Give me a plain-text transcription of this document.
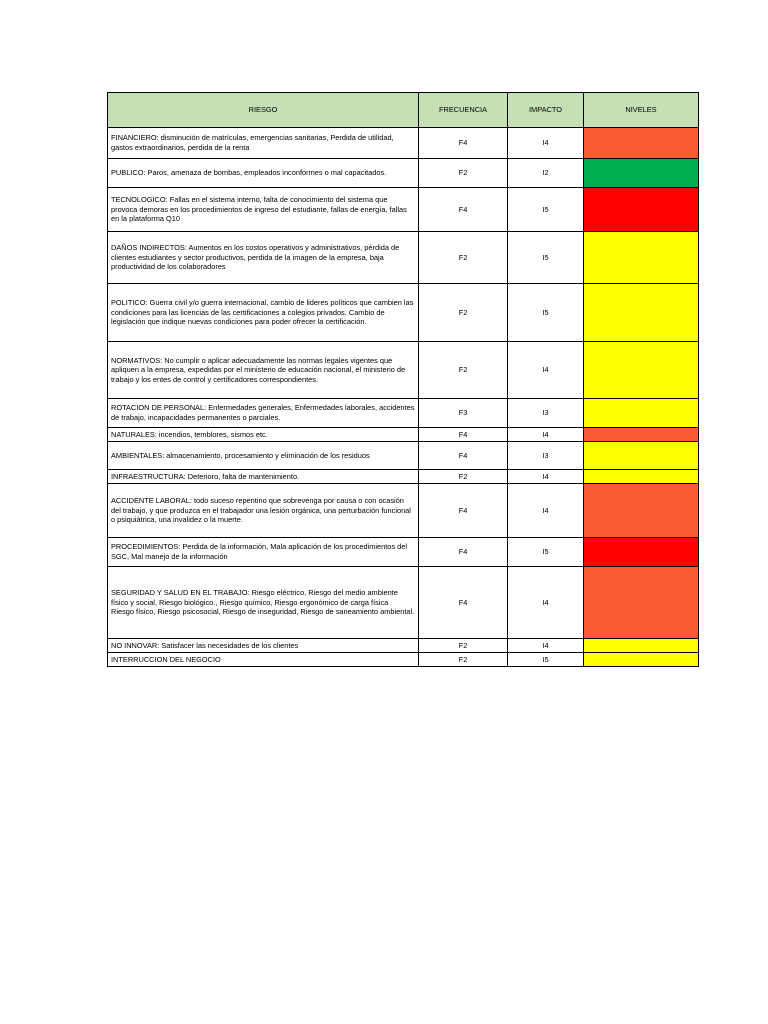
RIESGO	FRECUENCIA	IMPACTO	NIVELES
FINANCIERO: disminución de matrículas, emergencias sanitarias, Perdida de utilidad, gastos extraordinarios, perdida de la renta	F4	I4	
PUBLICO: Paros, amenaza de bombas, empleados inconformes o mal capacitados.	F2	I2	
TECNOLOGICO: Fallas en el sistema interno, falta de conocimiento del sistema que provoca demoras en los procedimientos de ingreso del estudiante, fallas de energía, fallas en la plataforma Q10	F4	I5	
DAÑOS INDIRECTOS: Aumentos en los costos operativos y administrativos, pérdida de clientes estudiantes y sector productivos, perdida de la imagen de la empresa, baja productividad de los colaboradores	F2	I5	
POLITICO: Guerra civil y/o guerra internacional, cambio de lideres políticos que cambien las condiciones para las licencias de las certificaciones a colegios privados. Cambio de legislación que indique nuevas condiciones para poder ofrecer la certificación.	F2	I5	
NORMATIVOS: No cumplir o aplicar adecuadamente las normas legales vigentes que apliquen a la empresa, expedidas por el ministerio de educación nacional, el ministerio de trabajo y los entes de control y certificadores correspondientes.	F2	I4	
ROTACION DE PERSONAL: Enfermedades generales, Enfermedades laborales, accidentes de trabajo, incapacidades permanentes o parciales.	F3	I3	
NATURALES: incendios, temblores, sismos etc.	F4	I4	
AMBIENTALES: almacenamiento, procesamiento y eliminación de los residuos	F4	I3	
INFRAESTRUCTURA: Deterioro, falta de mantenimiento.	F2	I4	
ACCIDENTE LABORAL: todo suceso repentino que sobrevenga por causa o con ocasión del trabajo, y que produzca en el trabajador una lesión orgánica, una perturbación funcional o psiquiátrica, una invalidez o la muerte.	F4	I4	
PROCEDIMIENTOS: Perdida de la información, Mala aplicación de los procedimientos del SGC, Mal manejo de la información	F4	I5	
SEGURIDAD Y SALUD EN EL TRABAJO: Riesgo eléctrico, Riesgo del medio ambiente físico y social, Riesgo biológico., Riesgo químico, Riesgo ergonómico de carga física
Riesgo físico, Riesgo psicosocial, Riesgo de inseguridad, Riesgo de saneamiento ambiental.	F4	I4	
NO INNOVAR: Satisfacer las necesidades de los clientes	F2	I4	
INTERRUCCION DEL NEGOCIO	F2	I5	
